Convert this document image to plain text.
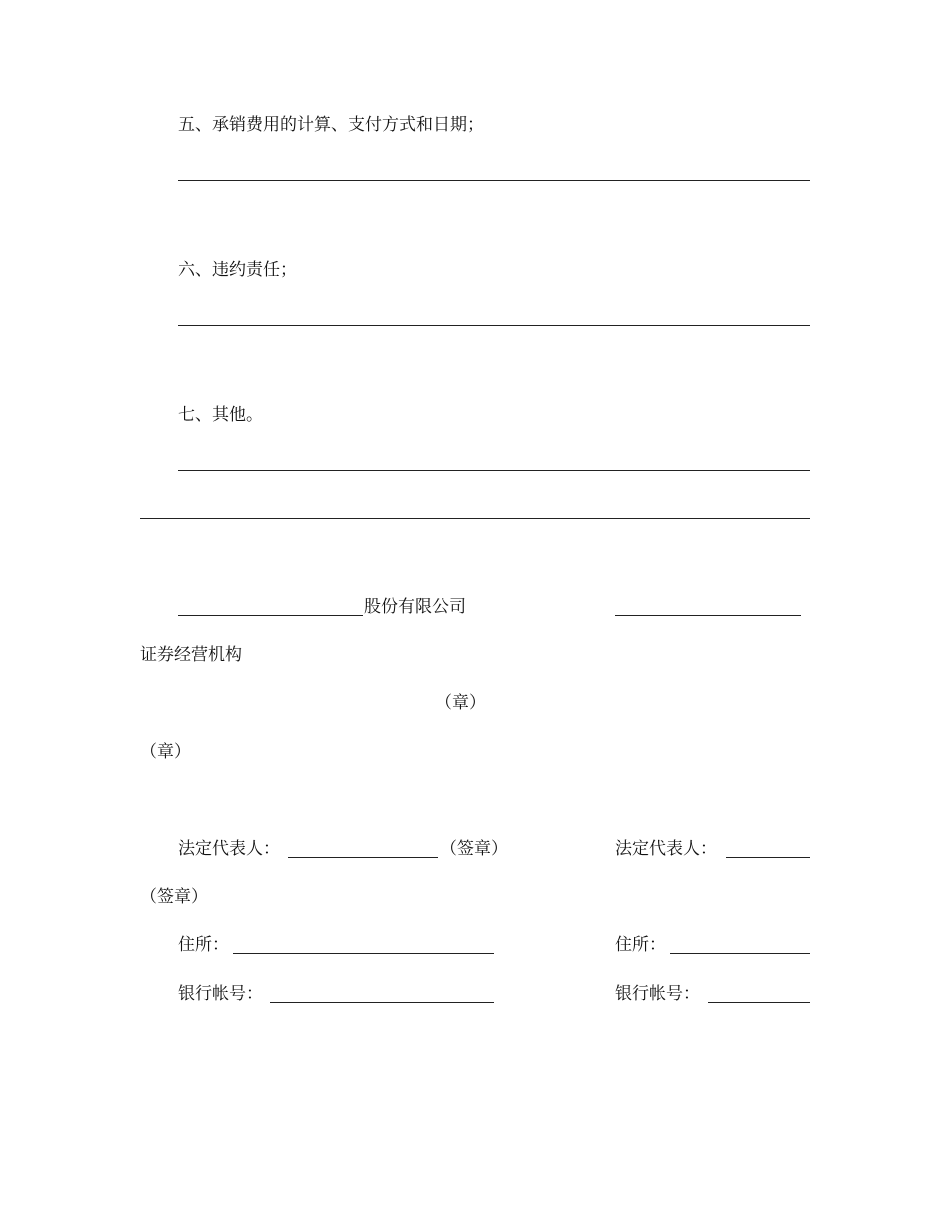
五、承销费用的计算、支付方式和日期；
六、违约责任；
七、其他。
股份有限公司
证券经营机构
（章）
（章）
法定代表人：	（签章）	法定代表人：
（签章）
住所：	住所：
银行帐号：	银行帐号：
